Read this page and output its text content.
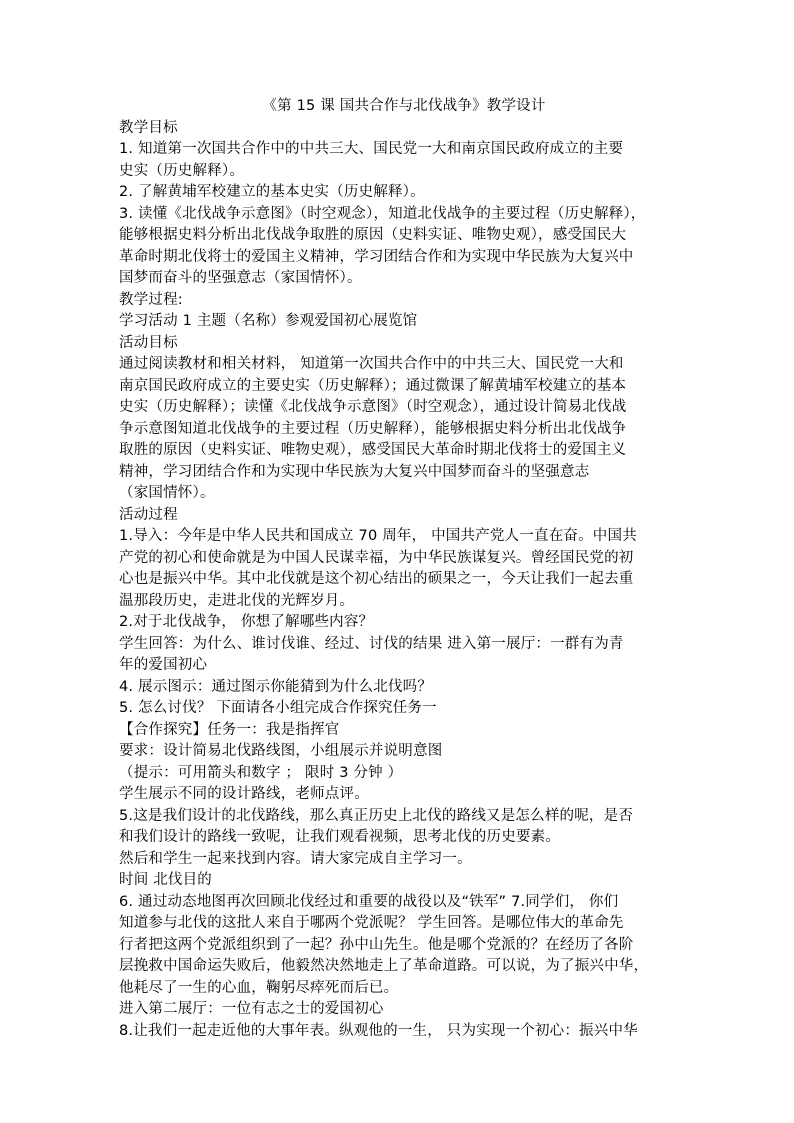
《第 15 课 国共合作与北伐战争》教学设计
教学目标
1. 知道第一次国共合作中的中共三大、国民党一大和南京国民政府成立的主要
史实（历史解释）。
2. 了解黄埔军校建立的基本史实（历史解释）。
3. 读懂《北伐战争示意图》（时空观念），知道北伐战争的主要过程（历史解释），
能够根据史料分析出北伐战争取胜的原因（史料实证、唯物史观），感受国民大
革命时期北伐将士的爱国主义精神，学习团结合作和为实现中华民族为大复兴中
国梦而奋斗的坚强意志（家国情怀）。
教学过程:
学习活动 1 主题（名称）参观爱国初心展览馆
活动目标
通过阅读教材和相关材料， 知道第一次国共合作中的中共三大、国民党一大和
南京国民政府成立的主要史实（历史解释）；通过微课了解黄埔军校建立的基本
史实（历史解释）；读懂《北伐战争示意图》（时空观念），通过设计简易北伐战
争示意图知道北伐战争的主要过程（历史解释），能够根据史料分析出北伐战争
取胜的原因（史料实证、唯物史观），感受国民大革命时期北伐将士的爱国主义
精神，学习团结合作和为实现中华民族为大复兴中国梦而奋斗的坚强意志
（家国情怀）。
活动过程
1.导入：今年是中华人民共和国成立 70 周年， 中国共产党人一直在奋。中国共
产党的初心和使命就是为中国人民谋幸福，为中华民族谋复兴。曾经国民党的初
心也是振兴中华。其中北伐就是这个初心结出的硕果之一，今天让我们一起去重
温那段历史，走进北伐的光辉岁月。
2.对于北伐战争， 你想了解哪些内容？
学生回答：为什么、谁讨伐谁、经过、讨伐的结果 进入第一展厅：一群有为青
年的爱国初心
4. 展示图示：通过图示你能猜到为什么北伐吗？
5. 怎么讨伐？ 下面请各小组完成合作探究任务一
【合作探究】任务一：我是指挥官
要求：设计简易北伐路线图，小组展示并说明意图
（提示：可用箭头和数字 ； 限时 3 分钟 ）
学生展示不同的设计路线，老师点评。
5.这是我们设计的北伐路线，那么真正历史上北伐的路线又是怎么样的呢，是否
和我们设计的路线一致呢，让我们观看视频，思考北伐的历史要素。
然后和学生一起来找到内容。请大家完成自主学习一。
时间 北伐目的
6. 通过动态地图再次回顾北伐经过和重要的战役以及“铁军” 7.同学们， 你们
知道参与北伐的这批人来自于哪两个党派呢？ 学生回答。是哪位伟大的革命先
行者把这两个党派组织到了一起？孙中山先生。他是哪个党派的？在经历了各阶
层挽救中国命运失败后，他毅然决然地走上了革命道路。可以说，为了振兴中华，
他耗尽了一生的心血，鞠躬尽瘁死而后已。
进入第二展厅：一位有志之士的爱国初心
8.让我们一起走近他的大事年表。纵观他的一生， 只为实现一个初心：振兴中华
